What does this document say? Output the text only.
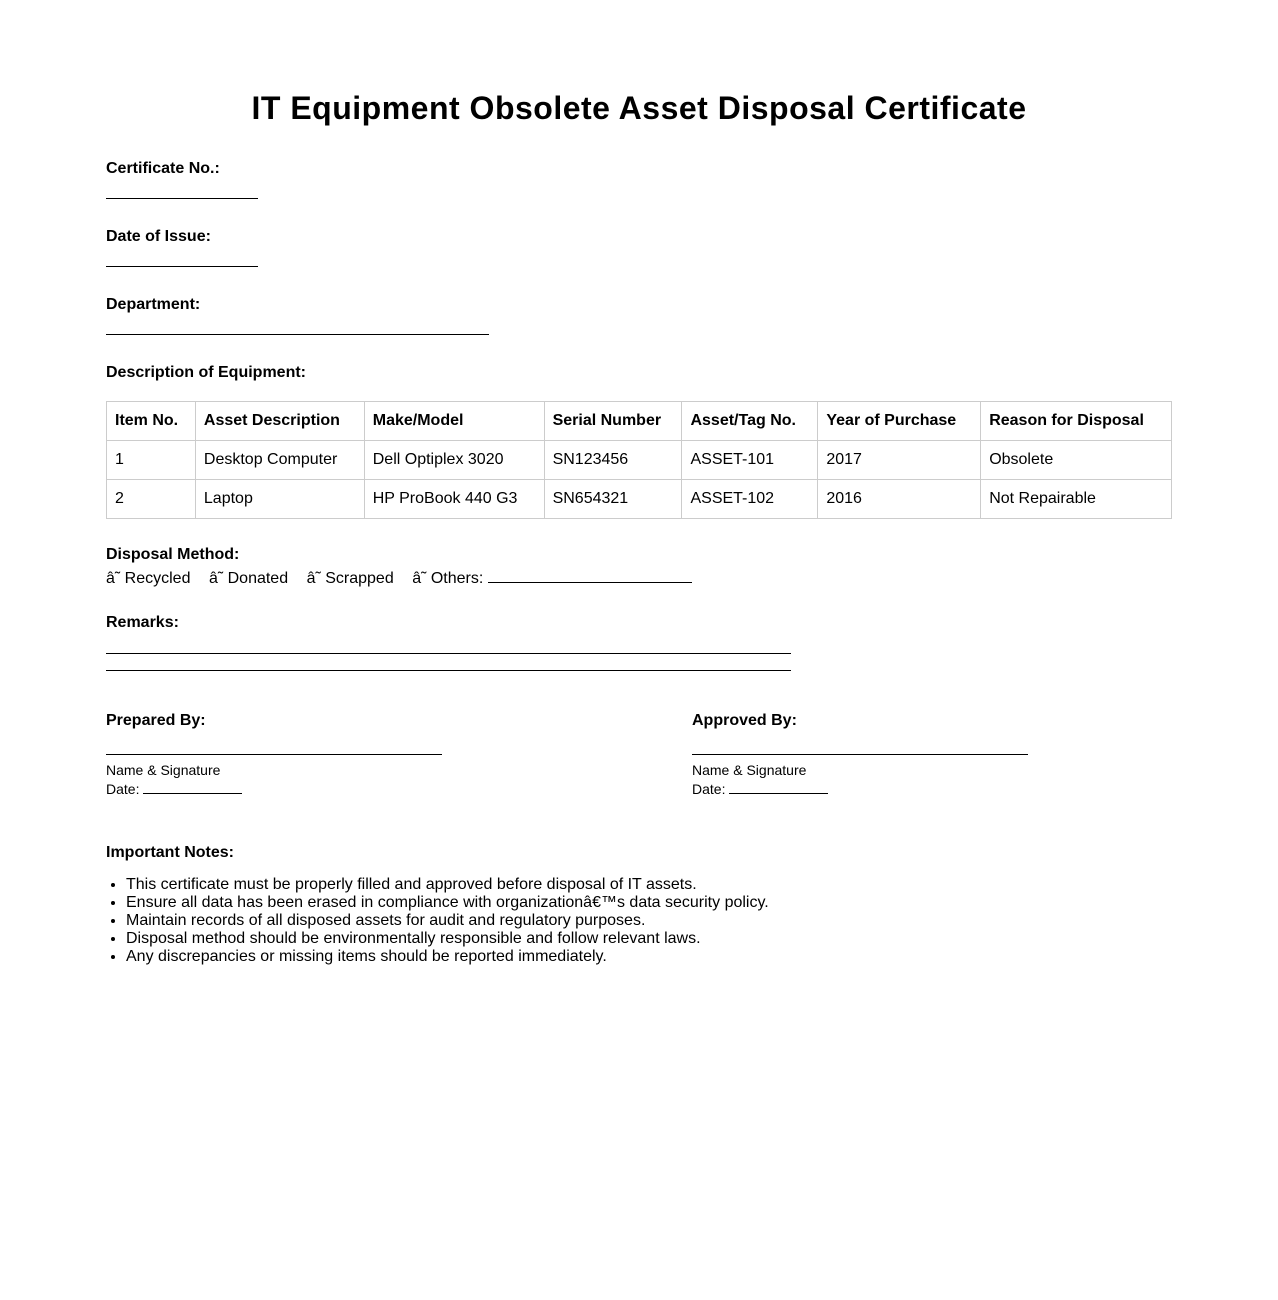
IT Equipment Obsolete Asset Disposal Certificate
Certificate No.:
Date of Issue:
Department:
Description of Equipment:
Item No.	Asset Description	Make/Model	Serial Number	Asset/Tag No.	Year of Purchase	Reason for Disposal
1	Desktop Computer	Dell Optiplex 3020	SN123456	ASSET-101	2017	Obsolete
2	Laptop	HP ProBook 440 G3	SN654321	ASSET-102	2016	Not Repairable
Disposal Method:
â˜ Recycled â˜ Donated â˜ Scrapped â˜ Others:
Remarks:
Prepared By:
Name & Signature
Date:
Approved By:
Name & Signature
Date:
Important Notes:
• This certificate must be properly filled and approved before disposal of IT assets.
• Ensure all data has been erased in compliance with organizationâ€™s data security policy.
• Maintain records of all disposed assets for audit and regulatory purposes.
• Disposal method should be environmentally responsible and follow relevant laws.
• Any discrepancies or missing items should be reported immediately.
